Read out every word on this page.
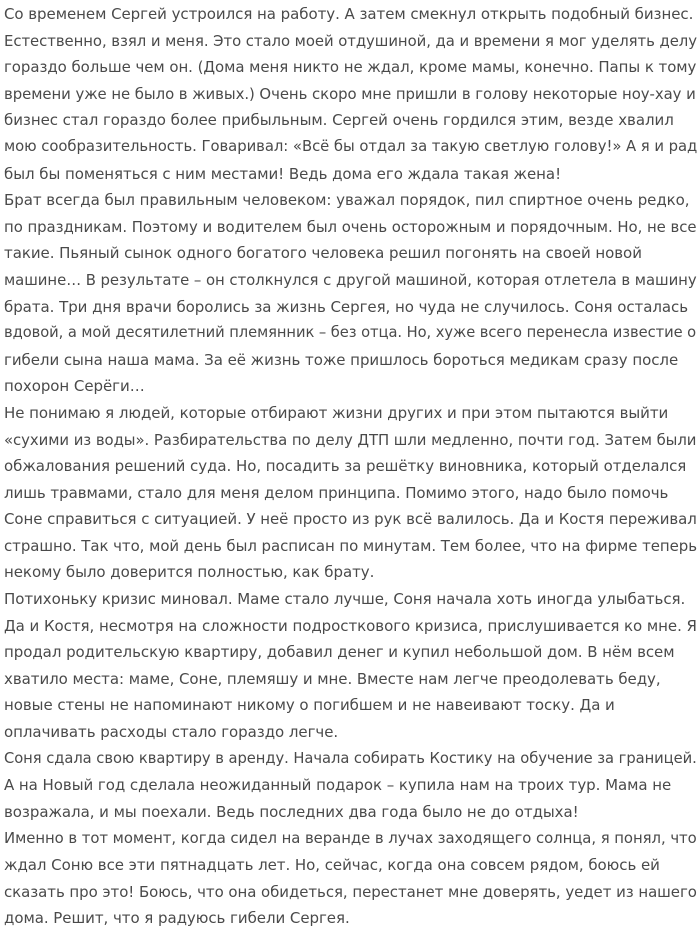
Со временем Сергей устроился на работу. А затем смекнул открыть подобный бизнес.
Естественно, взял и меня. Это стало моей отдушиной, да и времени я мог уделять делу
гораздо больше чем он. (Дома меня никто не ждал, кроме мамы, конечно. Папы к тому
времени уже не было в живых.) Очень скоро мне пришли в голову некоторые ноу-хау и
бизнес стал гораздо более прибыльным. Сергей очень гордился этим, везде хвалил
мою сообразительность. Говаривал: «Всё бы отдал за такую светлую голову!» А я и рад
был бы поменяться с ним местами! Ведь дома его ждала такая жена!
Брат всегда был правильным человеком: уважал порядок, пил спиртное очень редко,
по праздникам. Поэтому и водителем был очень осторожным и порядочным. Но, не все
такие. Пьяный сынок одного богатого человека решил погонять на своей новой
машине… В результате – он столкнулся с другой машиной, которая отлетела в машину
брата. Три дня врачи боролись за жизнь Сергея, но чуда не случилось. Соня осталась
вдовой, а мой десятилетний племянник – без отца. Но, хуже всего перенесла известие о
гибели сына наша мама. За её жизнь тоже пришлось бороться медикам сразу после
похорон Серёги…
Не понимаю я людей, которые отбирают жизни других и при этом пытаются выйти
«сухими из воды». Разбирательства по делу ДТП шли медленно, почти год. Затем были
обжалования решений суда. Но, посадить за решётку виновника, который отделался
лишь травмами, стало для меня делом принципа. Помимо этого, надо было помочь
Соне справиться с ситуацией. У неё просто из рук всё валилось. Да и Костя переживал
страшно. Так что, мой день был расписан по минутам. Тем более, что на фирме теперь
некому было доверится полностью, как брату.
Потихоньку кризис миновал. Маме стало лучше, Соня начала хоть иногда улыбаться.
Да и Костя, несмотря на сложности подросткового кризиса, прислушивается ко мне. Я
продал родительскую квартиру, добавил денег и купил небольшой дом. В нём всем
хватило места: маме, Соне, племяшу и мне. Вместе нам легче преодолевать беду,
новые стены не напоминают никому о погибшем и не навеивают тоску. Да и
оплачивать расходы стало гораздо легче.
Соня сдала свою квартиру в аренду. Начала собирать Костику на обучение за границей.
А на Новый год сделала неожиданный подарок – купила нам на троих тур. Мама не
возражала, и мы поехали. Ведь последних два года было не до отдыха!
Именно в тот момент, когда сидел на веранде в лучах заходящего солнца, я понял, что
ждал Соню все эти пятнадцать лет. Но, сейчас, когда она совсем рядом, боюсь ей
сказать про это! Боюсь, что она обидеться, перестанет мне доверять, уедет из нашего
дома. Решит, что я радуюсь гибели Сергея.
